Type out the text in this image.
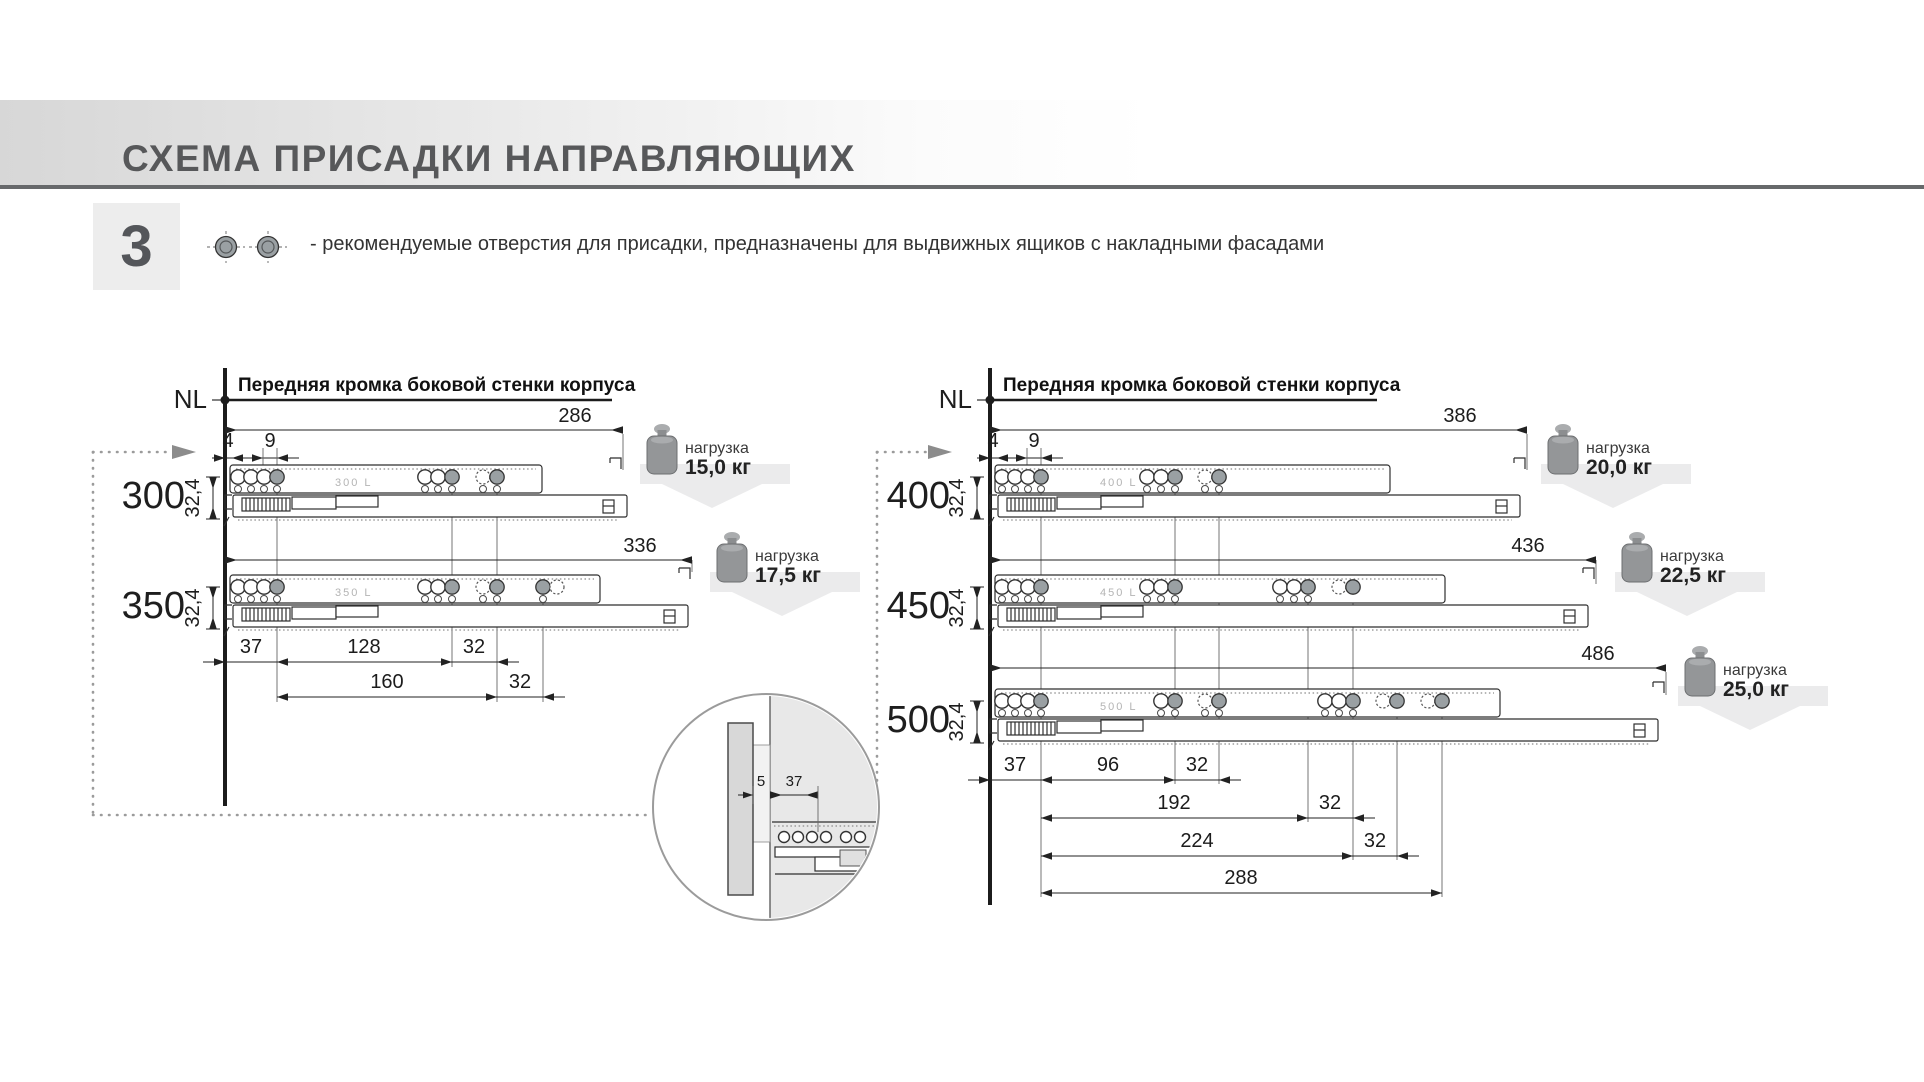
СХЕМА ПРИСАДКИ НАПРАВЛЯЮЩИХ
3	- рекомендуемые отверстия для присадки, предназначены для выдвижных ящиков с накладными фасадами
NL Передняя кромка боковой стенки корпуса
286
4 9
300 L
300
32,4
336
350 L
350
32,4
37	128	32
160	32
нагрузка
15,0 кг
нагрузка
17,5 кг
NL Передняя кромка боковой стенки корпуса
386
4 9
400 L
400
32,4
436
450 L
450
32,4
486
500 L
500
32,4
37	96	32
192	32
224	32
288
нагрузка
20,0 кг
нагрузка
22,5 кг
нагрузка
25,0 кг
5 37
